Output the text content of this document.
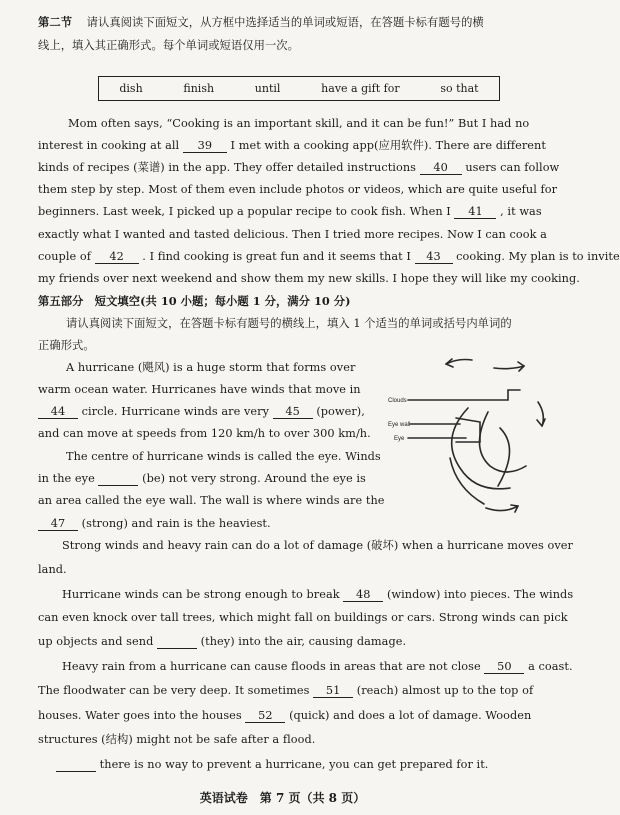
第二节 请认真阅读下面短文，从方框中选择适当的单词或短语，在答题卡标有题号的横
线上，填入其正确形式。每个单词或短语仅用一次。
dish	finish	until	have a gift for	so that
Mom often says, “Cooking is an important skill, and it can be fun!” But I had no
interest in cooking at all 39 I met with a cooking app(应用软件). There are different
kinds of recipes (菜谱) in the app. They offer detailed instructions 40 users can follow
them step by step. Most of them even include photos or videos, which are quite useful for
beginners. Last week, I picked up a popular recipe to cook fish. When I 41 , it was
exactly what I wanted and tasted delicious. Then I tried more recipes. Now I can cook a
couple of 42 . I find cooking is great fun and it seems that I 43 cooking. My plan is to invite
my friends over next weekend and show them my new skills. I hope they will like my cooking.
第五部分　短文填空(共 10 小题；每小题 1 分，满分 10 分)
请认真阅读下面短文，在答题卡标有题号的横线上，填入 1 个适当的单词或括号内单词的
正确形式。
A hurricane (飓风) is a huge storm that forms over
warm ocean water. Hurricanes have winds that move in
44 circle. Hurricane winds are very 45 (power),
and can move at speeds from 120 km/h to over 300 km/h.
The centre of hurricane winds is called the eye. Winds
in the eye	(be) not very strong. Around the eye is
an area called the eye wall. The wall is where winds are the
47 (strong) and rain is the heaviest.
Clouds
Eye wall
Eye
Strong winds and heavy rain can do a lot of damage (破坏) when a hurricane moves over
land.
Hurricane winds can be strong enough to break 48 (window) into pieces. The winds
can even knock over tall trees, which might fall on buildings or cars. Strong winds can pick
up objects and send	(they) into the air, causing damage.
Heavy rain from a hurricane can cause floods in areas that are not close 50 a coast.
The floodwater can be very deep. It sometimes 51 (reach) almost up to the top of
houses. Water goes into the houses 52 (quick) and does a lot of damage. Wooden
structures (结构) might not be safe after a flood.
there is no way to prevent a hurricane, you can get prepared for it.
英语试卷　第 7 页（共 8 页）
